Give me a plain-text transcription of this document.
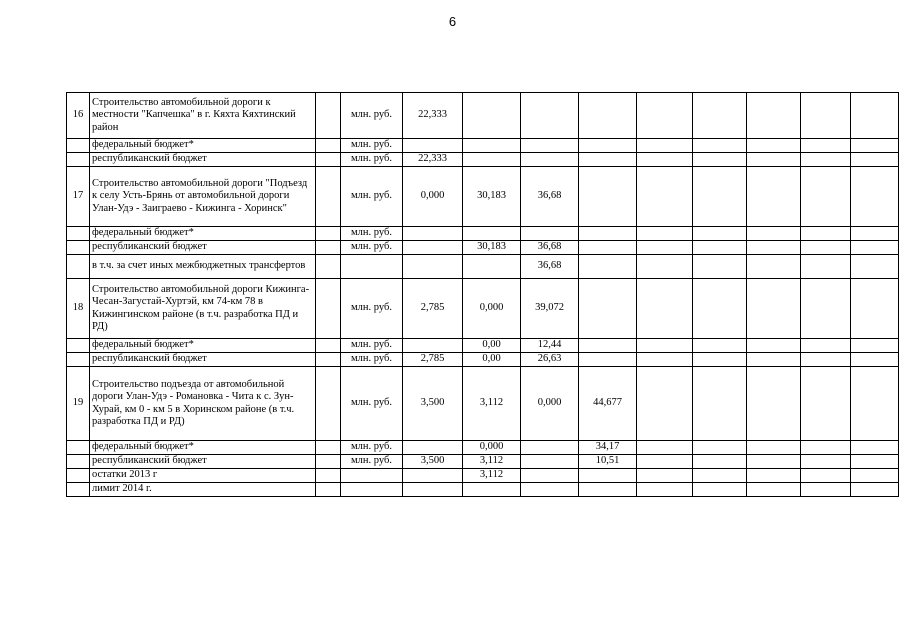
6
16	Строительство автомобильной дороги к местности "Капчешка" в г. Кяхта Кяхтинский район		млн. руб.	22,333								
	федеральный бюджет*		млн. руб.									
	республиканский бюджет		млн. руб.	22,333								
17	Строительство автомобильной дороги "Подъезд к селу Усть-Брянь от автомобильной дороги Улан-Удэ - Заиграево - Кижинга - Хоринск"		млн. руб.	0,000	30,183	36,68						
	федеральный бюджет*		млн. руб.									
	республиканский бюджет		млн. руб.		30,183	36,68						
	в т.ч. за счет иных межбюджетных трансфертов					36,68						
18	Строительство автомобильной дороги Кижинга-Чесан-Загустай-Хуртэй, км 74-км 78 в Кижингинском районе (в т.ч. разработка ПД и РД)		млн. руб.	2,785	0,000	39,072						
	федеральный бюджет*		млн. руб.		0,00	12,44						
	республиканский бюджет		млн. руб.	2,785	0,00	26,63						
19	Строительство подъезда от автомобильной дороги Улан-Удэ - Романовка - Чита к с. Зун-Хурай, км 0 - км 5 в Хоринском районе (в т.ч. разработка ПД и РД)		млн. руб.	3,500	3,112	0,000	44,677					
	федеральный бюджет*		млн. руб.		0,000		34,17					
	республиканский бюджет		млн. руб.	3,500	3,112		10,51					
	остатки 2013 г				3,112							
	лимит 2014 г.											
